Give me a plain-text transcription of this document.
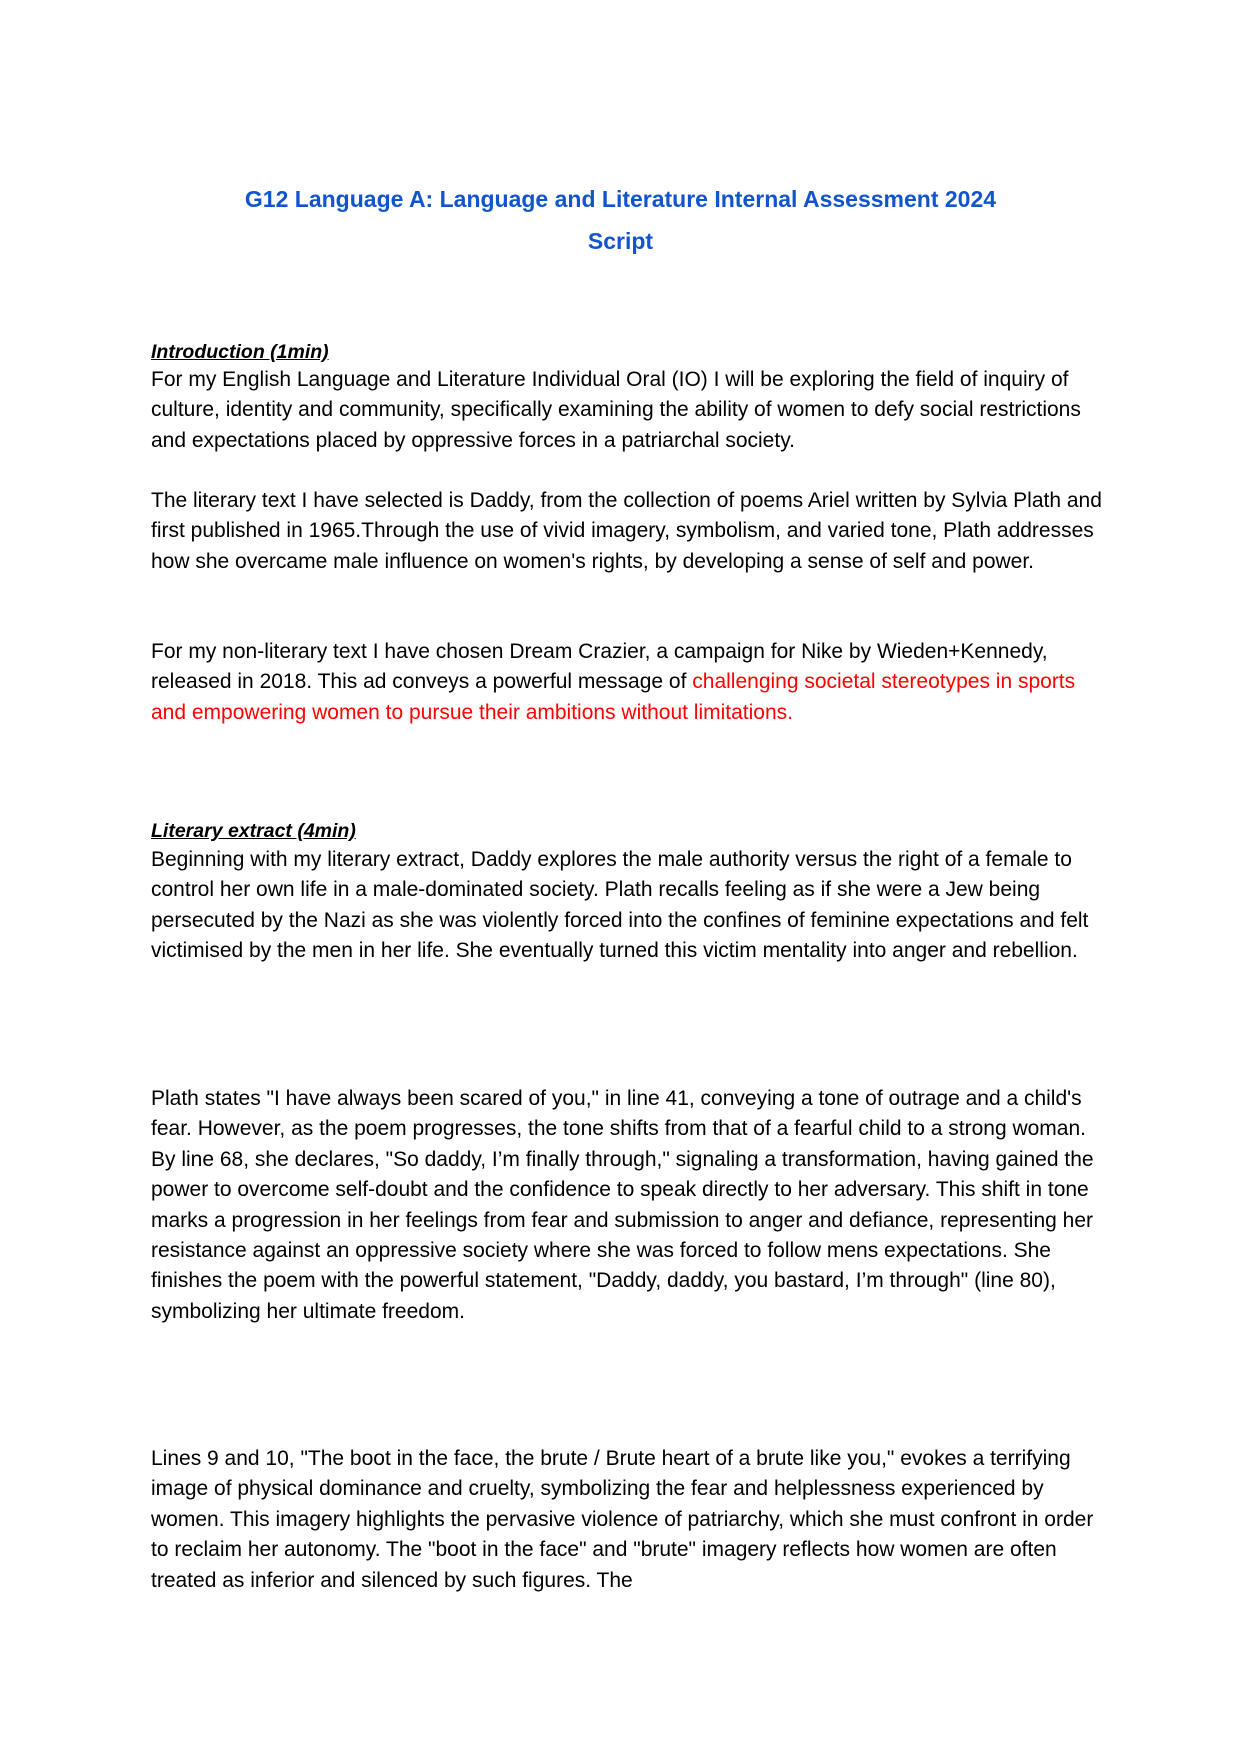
G12 Language A: Language and Literature Internal Assessment 2024
Script
Introduction (1min)

For my English Language and Literature Individual Oral (IO) I will be exploring the field of inquiry of culture, identity and community, specifically examining the ability of women to defy social restrictions and expectations placed by oppressive forces in a patriarchal society.

The literary text I have selected is Daddy, from the collection of poems Ariel written by Sylvia Plath and first published in 1965.Through the use of vivid imagery, symbolism, and varied tone, Plath addresses how she overcame male influence on women's rights, by developing a sense of self and power.

For my non-literary text I have chosen Dream Crazier, a campaign for Nike by Wieden+Kennedy, released in 2018. This ad conveys a powerful message of challenging societal stereotypes in sports and empowering women to pursue their ambitions without limitations.

Literary extract (4min)

Beginning with my literary extract, Daddy explores the male authority versus the right of a female to control her own life in a male-dominated society. Plath recalls feeling as if she were a Jew being persecuted by the Nazi as she was violently forced into the confines of feminine expectations and felt victimised by the men in her life. She eventually turned this victim mentality into anger and rebellion.

Plath states "I have always been scared of you," in line 41, conveying a tone of outrage and a child's fear. However, as the poem progresses, the tone shifts from that of a fearful child to a strong woman. By line 68, she declares, "So daddy, I’m finally through," signaling a transformation, having gained the power to overcome self-doubt and the confidence to speak directly to her adversary. This shift in tone marks a progression in her feelings from fear and submission to anger and defiance, representing her resistance against an oppressive society where she was forced to follow mens expectations. She finishes the poem with the powerful statement, "Daddy, daddy, you bastard, I’m through" (line 80), symbolizing her ultimate freedom.

Lines 9 and 10, "The boot in the face, the brute / Brute heart of a brute like you," evokes a terrifying image of physical dominance and cruelty, symbolizing the fear and helplessness experienced by women. This imagery highlights the pervasive violence of patriarchy, which she must confront in order to reclaim her autonomy. The "boot in the face" and "brute" imagery reflects how women are often treated as inferior and silenced by such figures. The
